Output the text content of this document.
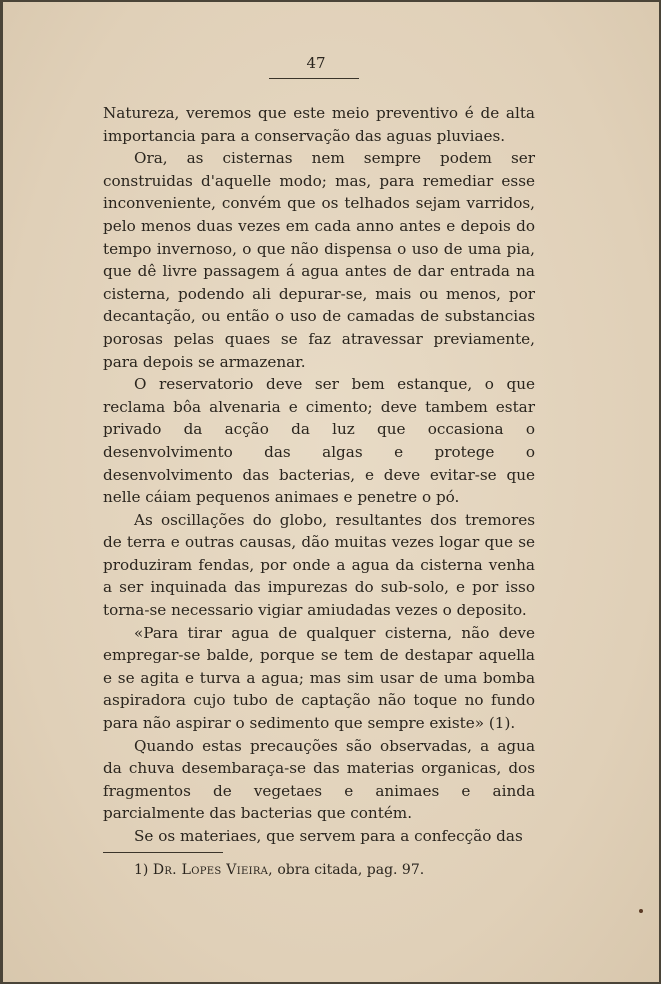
47

Natureza, veremos que este meio preventivo é de alta importancia para a conservação das aguas pluviaes.

Ora, as cisternas nem sempre podem ser construidas d'aquelle modo; mas, para remediar esse inconveniente, convém que os telhados sejam varridos, pelo menos duas vezes em cada anno antes e depois do tempo invernoso, o que não dispensa o uso de uma pia, que dê livre passagem á agua antes de dar entrada na cisterna, podendo ali depurar-se, mais ou menos, por decantação, ou então o uso de camadas de substancias porosas pelas quaes se faz atravessar previamente, para depois se armazenar.

O reservatorio deve ser bem estanque, o que reclama bôa alvenaria e cimento; deve tambem estar privado da acção da luz que occasiona o desenvolvimento das algas e protege o desenvolvimento das bacterias, e deve evitar-se que nelle cáiam pequenos animaes e penetre o pó.

As oscillações do globo, resultantes dos tremores de terra e outras causas, dão muitas vezes logar que se produziram fendas, por onde a agua da cisterna venha a ser inquinada das impurezas do sub-solo, e por isso torna-se necessario vigiar amiudadas vezes o deposito.

«Para tirar agua de qualquer cisterna, não deve empregar-se balde, porque se tem de destapar aquella e se agita e turva a agua; mas sim usar de uma bomba aspiradora cujo tubo de captação não toque no fundo para não aspirar o sedimento que sempre existe» (1).

Quando estas precauções são observadas, a agua da chuva desembaraça-se das materias organicas, dos fragmentos de vegetaes e animaes e ainda parcialmente das bacterias que contém.

Se os materiaes, que servem para a confecção das

1) Dr. Lopes Vieira, obra citada, pag. 97.
